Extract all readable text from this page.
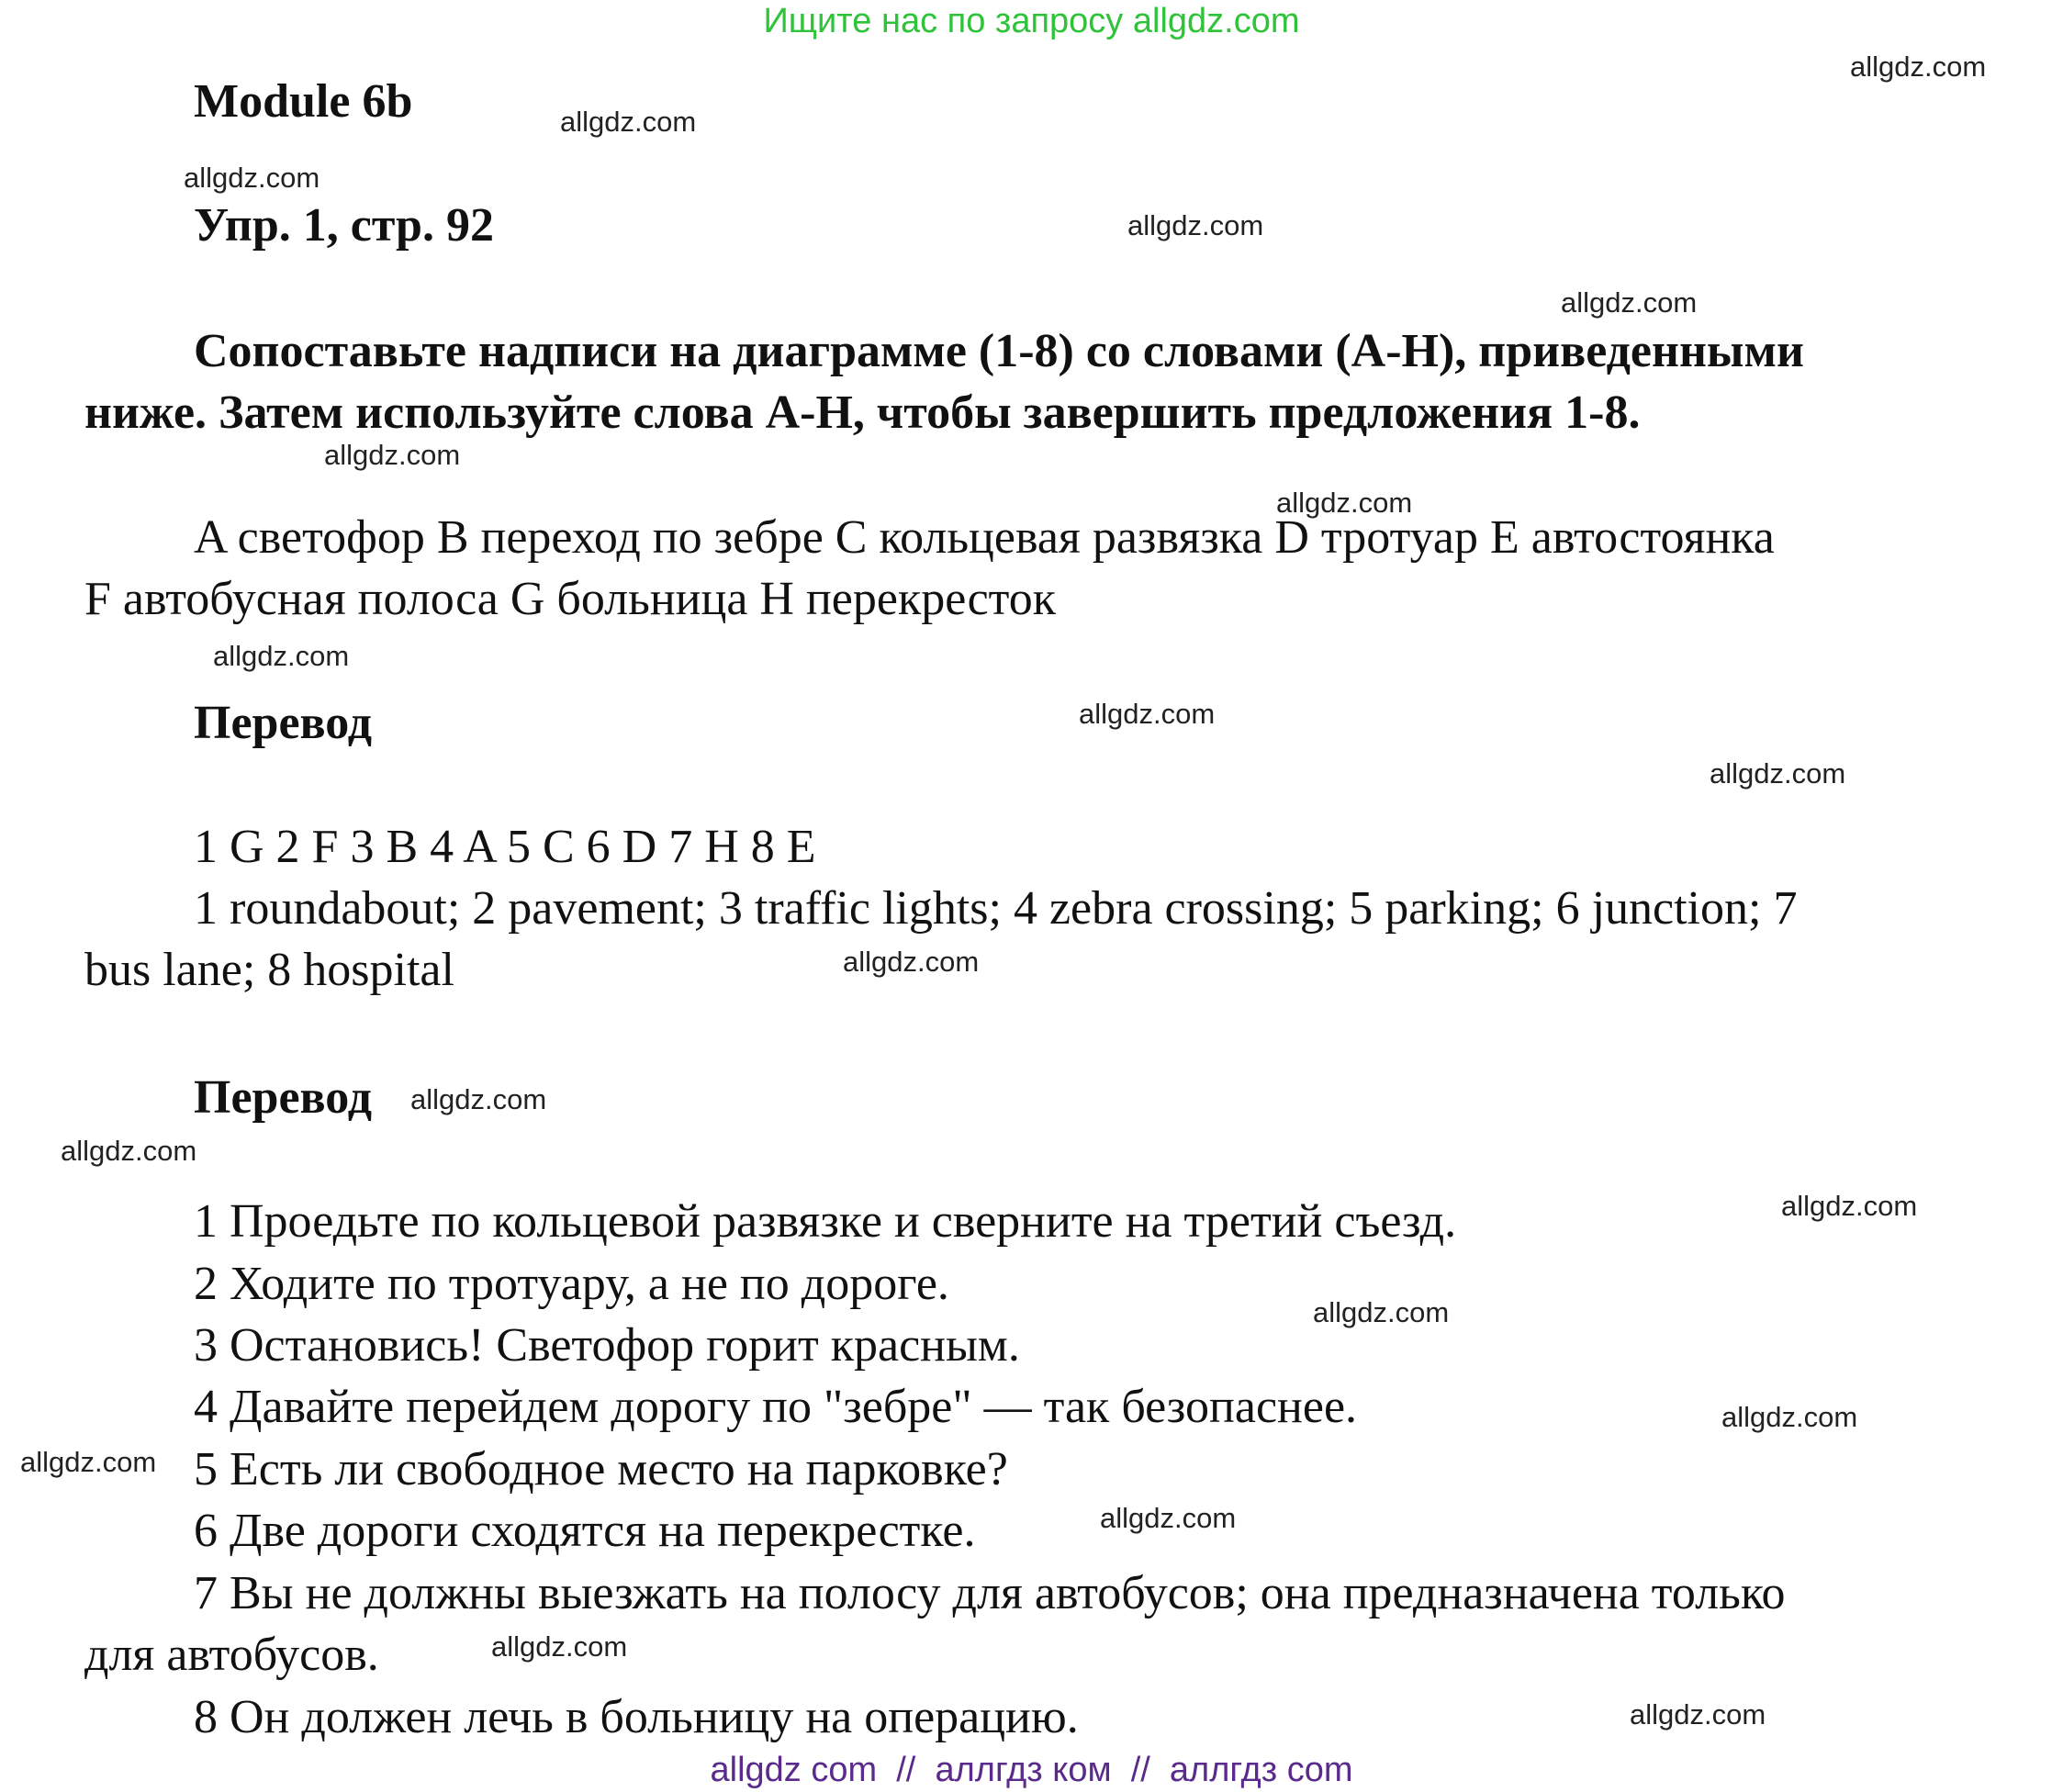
Ищите нас по запросу allgdz.com
Module 6b
Упр. 1, стр. 92
Сопоставьте надписи на диаграмме (1-8) со словами (A-H), приведенными
ниже. Затем используйте слова A-H, чтобы завершить предложения 1-8.
A светофор B переход по зебре C кольцевая развязка D тротуар E автостоянка
F автобусная полоса G больница H перекресток
Перевод
1 G 2 F 3 B 4 A 5 C 6 D 7 H 8 E
1 roundabout; 2 pavement; 3 traffic lights; 4 zebra crossing; 5 parking; 6 junction; 7
bus lane; 8 hospital
Перевод
1 Проедьте по кольцевой развязке и сверните на третий съезд.
2 Ходите по тротуару, а не по дороге.
3 Остановись! Светофор горит красным.
4 Давайте перейдем дорогу по "зебре" — так безопаснее.
5 Есть ли свободное место на парковке?
6 Две дороги сходятся на перекрестке.
7 Вы не должны выезжать на полосу для автобусов; она предназначена только
для автобусов.
8 Он должен лечь в больницу на операцию.
allgdz.com
allgdz.com
allgdz.com
allgdz.com
allgdz.com
allgdz.com
allgdz.com
allgdz.com
allgdz.com
allgdz.com
allgdz.com
allgdz.com
allgdz.com
allgdz.com
allgdz.com
allgdz.com
allgdz.com
allgdz.com
allgdz.com
allgdz.com
allgdz com  //  аллгдз ком  //  аллгдз com
